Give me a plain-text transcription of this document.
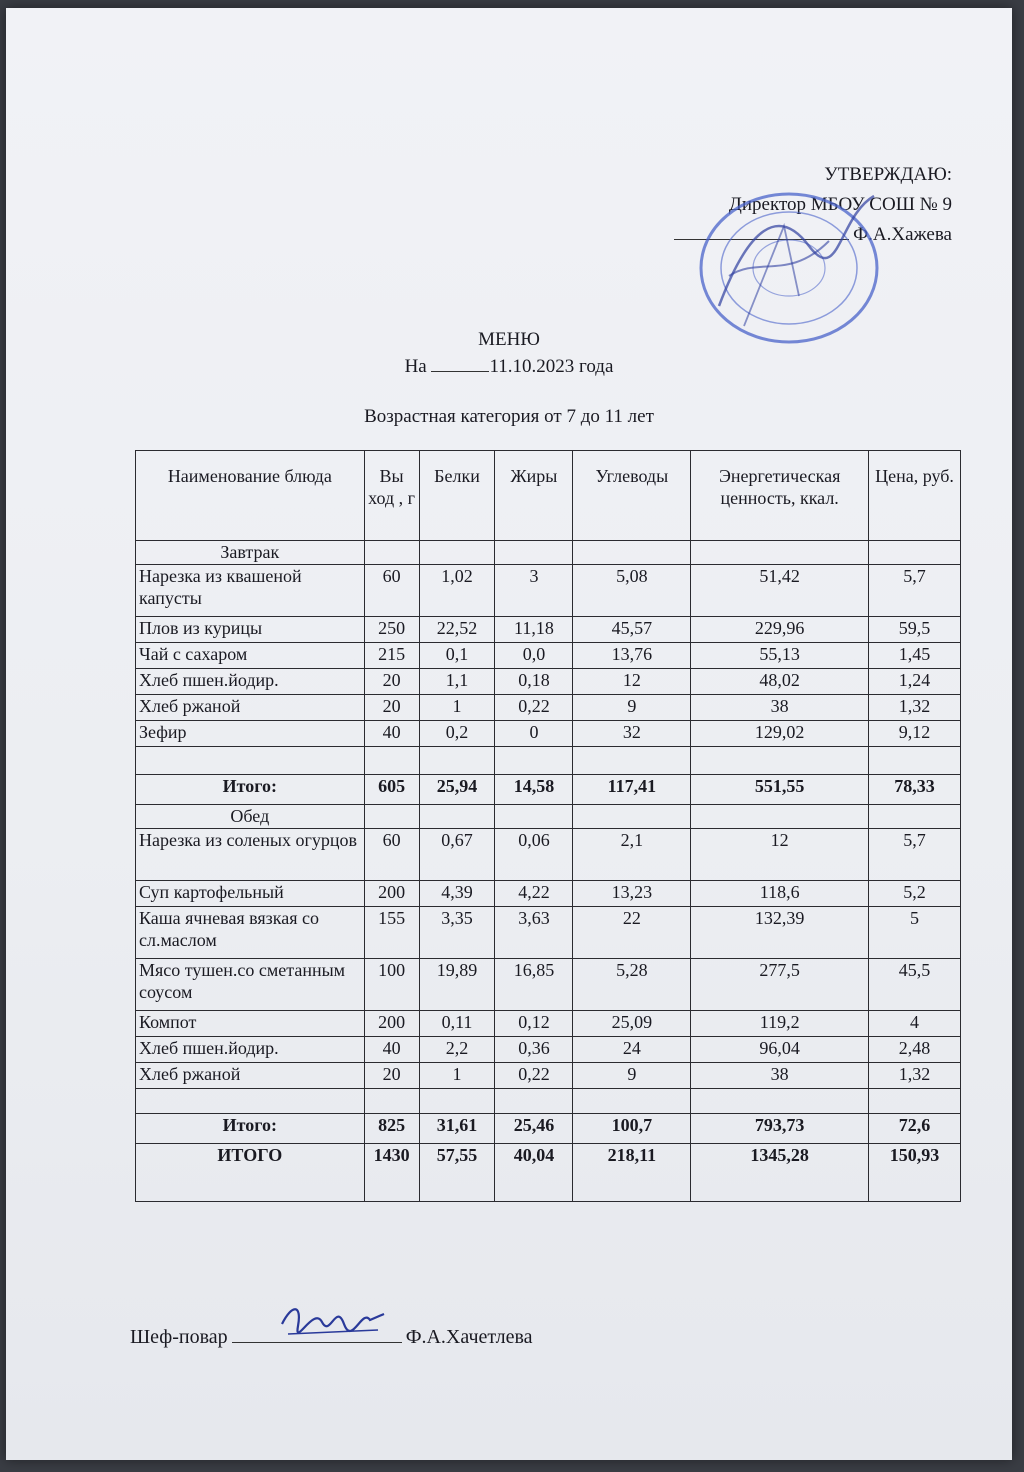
УТВЕРЖДАЮ:
Директор МБОУ СОШ № 9
Ф.А.Хажева
МЕНЮ
На	11.10.2023 года
Возрастная категория от 7 до 11 лет
Наименование блюда	Вы ход , г	Белки	Жиры	Углеводы	Энергетическая ценность, ккал.	Цена, руб.
Завтрак						
Нарезка из квашеной капусты	60	1,02	3	5,08	51,42	5,7
Плов из курицы	250	22,52	11,18	45,57	229,96	59,5
Чай с сахаром	215	0,1	0,0	13,76	55,13	1,45
Хлеб пшен.йодир.	20	1,1	0,18	12	48,02	1,24
Хлеб ржаной	20	1	0,22	9	38	1,32
Зефир	40	0,2	0	32	129,02	9,12

Итого:	605	25,94	14,58	117,41	551,55	78,33
Обед						
Нарезка из соленых огурцов	60	0,67	0,06	2,1	12	5,7
Суп картофельный	200	4,39	4,22	13,23	118,6	5,2
Каша ячневая вязкая со сл.маслом	155	3,35	3,63	22	132,39	5
Мясо тушен.со сметанным соусом	100	19,89	16,85	5,28	277,5	45,5
Компот	200	0,11	0,12	25,09	119,2	4
Хлеб пшен.йодир.	40	2,2	0,36	24	96,04	2,48
Хлеб ржаной	20	1	0,22	9	38	1,32

Итого:	825	31,61	25,46	100,7	793,73	72,6
ИТОГО	1430	57,55	40,04	218,11	1345,28	150,93
Шеф-повар	Ф.А.Хачетлева
